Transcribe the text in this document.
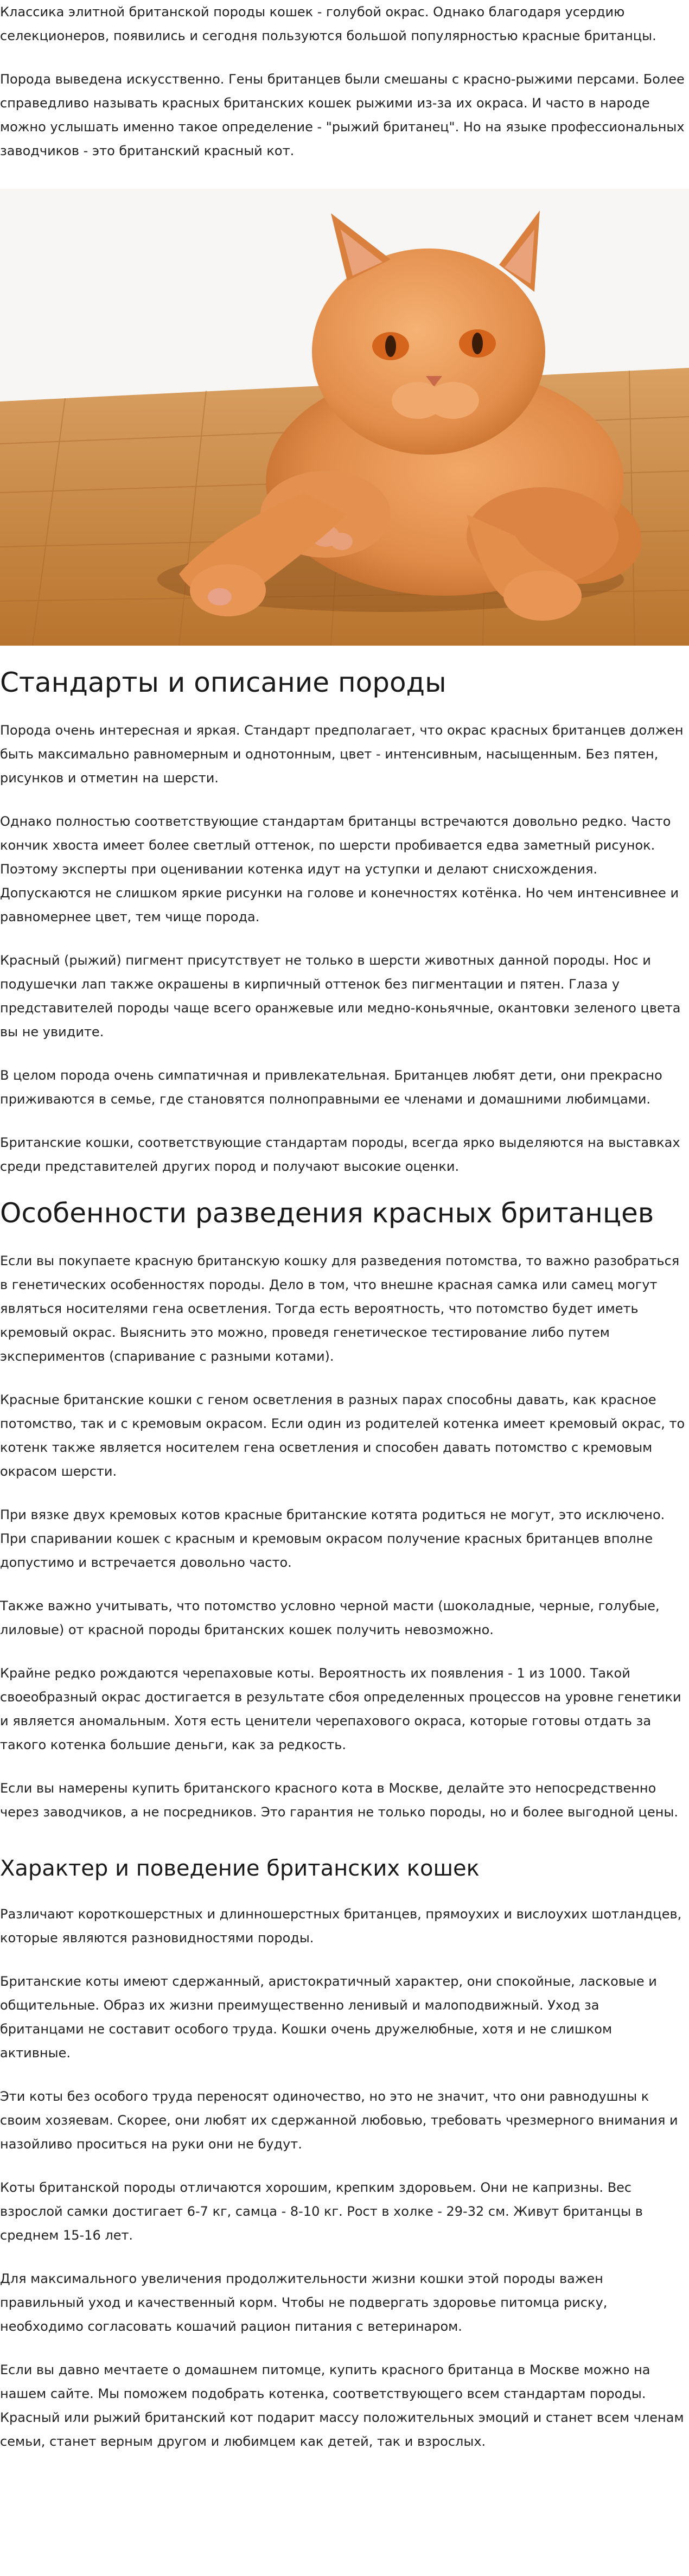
Классика элитной британской породы кошек - голубой окрас. Однако благодаря усердию селекционеров, появились и сегодня пользуются большой популярностью красные британцы.

Порода выведена искусственно. Гены британцев были смешаны с красно-рыжими персами. Более справедливо называть красных британских кошек рыжими из-за их окраса. И часто в народе можно услышать именно такое определение - "рыжий британец". Но на языке профессиональных заводчиков - это британский красный кот.

Стандарты и описание породы

Порода очень интересная и яркая. Стандарт предполагает, что окрас красных британцев должен быть максимально равномерным и однотонным, цвет - интенсивным, насыщенным. Без пятен, рисунков и отметин на шерсти.

Однако полностью соответствующие стандартам британцы встречаются довольно редко. Часто кончик хвоста имеет более светлый оттенок, по шерсти пробивается едва заметный рисунок. Поэтому эксперты при оценивании котенка идут на уступки и делают снисхождения. Допускаются не слишком яркие рисунки на голове и конечностях котёнка. Но чем интенсивнее и равномернее цвет, тем чище порода.

Красный (рыжий) пигмент присутствует не только в шерсти животных данной породы. Нос и подушечки лап также окрашены в кирпичный оттенок без пигментации и пятен. Глаза у представителей породы чаще всего оранжевые или медно-коньячные, окантовки зеленого цвета вы не увидите.

В целом порода очень симпатичная и привлекательная. Британцев любят дети, они прекрасно приживаются в семье, где становятся полноправными ее членами и домашними любимцами.

Британские кошки, соответствующие стандартам породы, всегда ярко выделяются на выставках среди представителей других пород и получают высокие оценки.

Особенности разведения красных британцев

Если вы покупаете красную британскую кошку для разведения потомства, то важно разобраться в генетических особенностях породы. Дело в том, что внешне красная самка или самец могут являться носителями гена осветления. Тогда есть вероятность, что потомство будет иметь кремовый окрас. Выяснить это можно, проведя генетическое тестирование либо путем экспериментов (спаривание с разными котами).

Красные британские кошки с геном осветления в разных парах способны давать, как красное потомство, так и с кремовым окрасом. Если один из родителей котенка имеет кремовый окрас, то котенк также является носителем гена осветления и способен давать потомство с кремовым окрасом шерсти.

При вязке двух кремовых котов красные британские котята родиться не могут, это исключено. При спаривании кошек с красным и кремовым окрасом получение красных британцев вполне допустимо и встречается довольно часто.

Также важно учитывать, что потомство условно черной масти (шоколадные, черные, голубые, лиловые) от красной породы британских кошек получить невозможно.

Крайне редко рождаются черепаховые коты. Вероятность их появления - 1 из 1000. Такой своеобразный окрас достигается в результате сбоя определенных процессов на уровне генетики и является аномальным. Хотя есть ценители черепахового окраса, которые готовы отдать за такого котенка большие деньги, как за редкость.

Если вы намерены купить британского красного кота в Москве, делайте это непосредственно через заводчиков, а не посредников. Это гарантия не только породы, но и более выгодной цены.

Характер и поведение британских кошек

Различают короткошерстных и длинношерстных британцев, прямоухих и вислоухих шотландцев, которые являются разновидностями породы.

Британские коты имеют сдержанный, аристократичный характер, они спокойные, ласковые и общительные. Образ их жизни преимущественно ленивый и малоподвижный. Уход за британцами не составит особого труда. Кошки очень дружелюбные, хотя и не слишком активные.

Эти коты без особого труда переносят одиночество, но это не значит, что они равнодушны к своим хозяевам. Скорее, они любят их сдержанной любовью, требовать чрезмерного внимания и назойливо проситься на руки они не будут.

Коты британской породы отличаются хорошим, крепким здоровьем. Они не капризны. Вес взрослой самки достигает 6-7 кг, самца - 8-10 кг. Рост в холке - 29-32 см. Живут британцы в среднем 15-16 лет.

Для максимального увеличения продолжительности жизни кошки этой породы важен правильный уход и качественный корм. Чтобы не подвергать здоровье питомца риску, необходимо согласовать кошачий рацион питания с ветеринаром.

Если вы давно мечтаете о домашнем питомце, купить красного британца в Москве можно на нашем сайте. Мы поможем подобрать котенка, соответствующего всем стандартам породы. Красный или рыжий британский кот подарит массу положительных эмоций и станет всем членам семьи, станет верным другом и любимцем как детей, так и взрослых.
